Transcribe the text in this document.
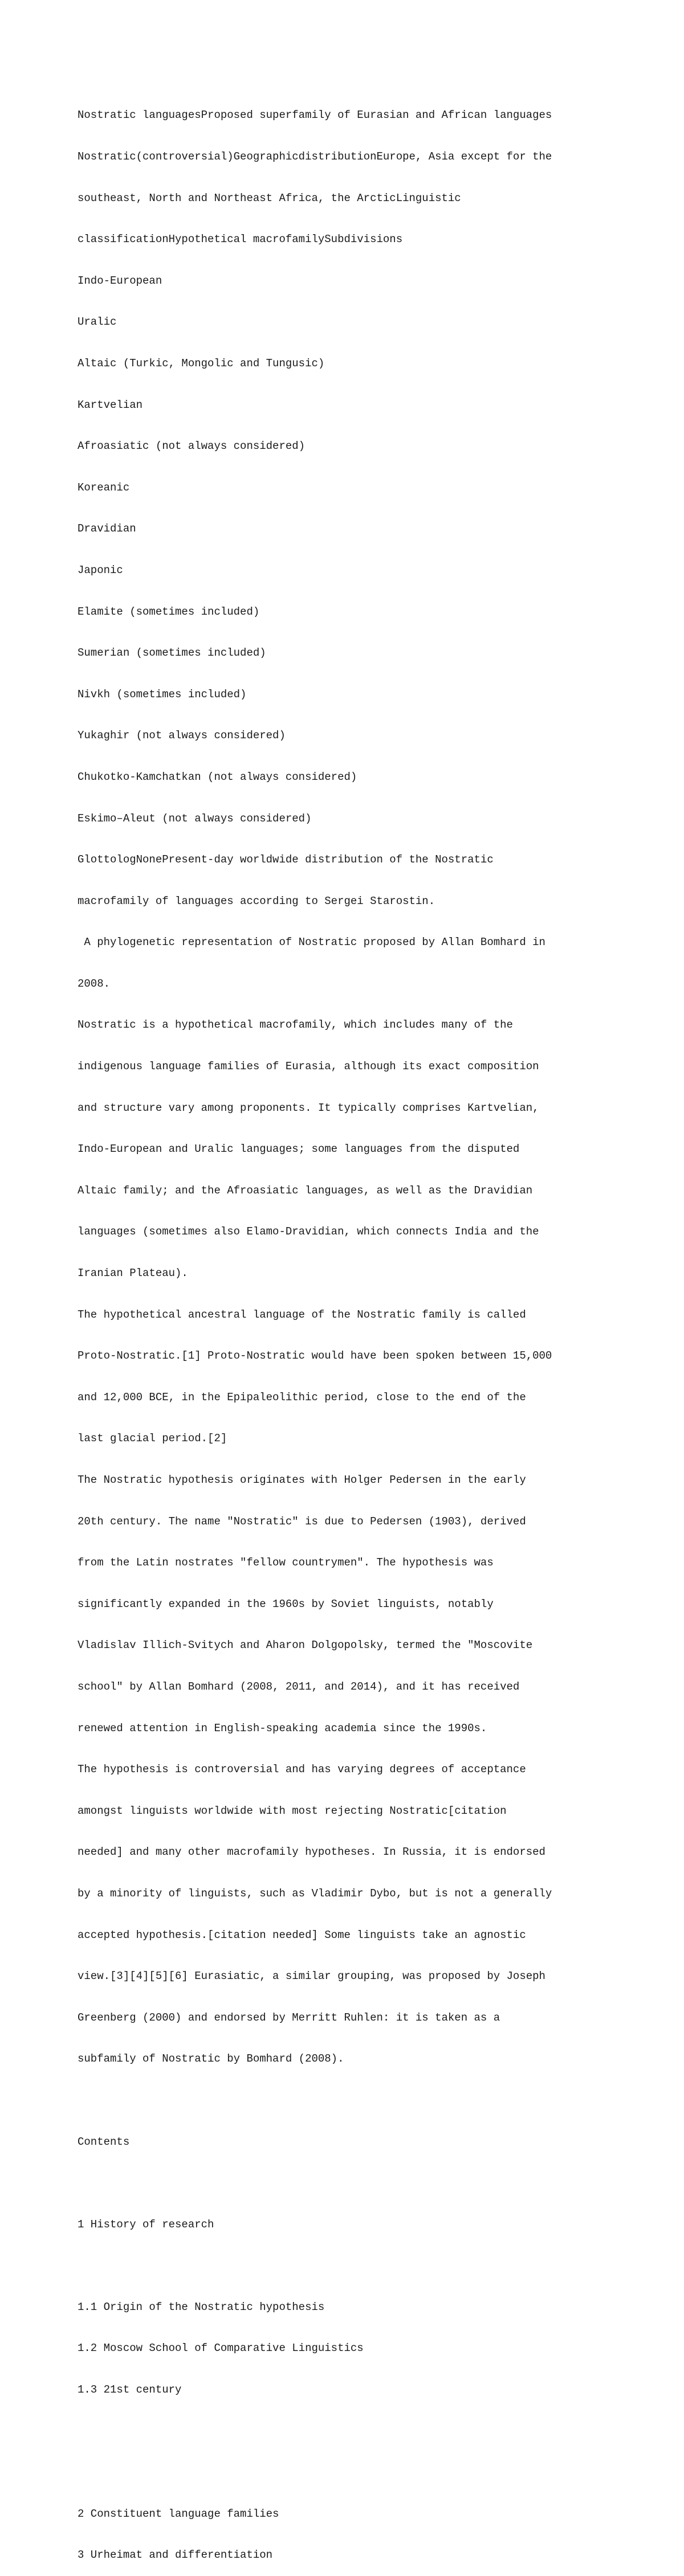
Nostratic languagesProposed superfamily of Eurasian and African languages

Nostratic(controversial)GeographicdistributionEurope, Asia except for the

southeast, North and Northeast Africa, the ArcticLinguistic

classificationHypothetical macrofamilySubdivisions

Indo-European

Uralic

Altaic (Turkic, Mongolic and Tungusic)

Kartvelian

Afroasiatic (not always considered)

Koreanic

Dravidian

Japonic

Elamite (sometimes included)

Sumerian (sometimes included)

Nivkh (sometimes included)

Yukaghir (not always considered)

Chukotko-Kamchatkan (not always considered)

Eskimo–Aleut (not always considered)

GlottologNonePresent-day worldwide distribution of the Nostratic

macrofamily of languages according to Sergei Starostin.

A phylogenetic representation of Nostratic proposed by Allan Bomhard in

2008.

Nostratic is a hypothetical macrofamily, which includes many of the

indigenous language families of Eurasia, although its exact composition

and structure vary among proponents. It typically comprises Kartvelian,

Indo-European and Uralic languages; some languages from the disputed

Altaic family; and the Afroasiatic languages, as well as the Dravidian

languages (sometimes also Elamo-Dravidian, which connects India and the

Iranian Plateau).

The hypothetical ancestral language of the Nostratic family is called

Proto-Nostratic.[1] Proto-Nostratic would have been spoken between 15,000

and 12,000 BCE, in the Epipaleolithic period, close to the end of the

last glacial period.[2]

The Nostratic hypothesis originates with Holger Pedersen in the early

20th century. The name "Nostratic" is due to Pedersen (1903), derived

from the Latin nostrates "fellow countrymen". The hypothesis was

significantly expanded in the 1960s by Soviet linguists, notably

Vladislav Illich-Svitych and Aharon Dolgopolsky, termed the "Moscovite

school" by Allan Bomhard (2008, 2011, and 2014), and it has received

renewed attention in English-speaking academia since the 1990s.

The hypothesis is controversial and has varying degrees of acceptance

amongst linguists worldwide with most rejecting Nostratic[citation

needed] and many other macrofamily hypotheses. In Russia, it is endorsed

by a minority of linguists, such as Vladimir Dybo, but is not a generally

accepted hypothesis.[citation needed] Some linguists take an agnostic

view.[3][4][5][6] Eurasiatic, a similar grouping, was proposed by Joseph

Greenberg (2000) and endorsed by Merritt Ruhlen: it is taken as a

subfamily of Nostratic by Bomhard (2008).

Contents

1 History of research

1.1 Origin of the Nostratic hypothesis

1.2 Moscow School of Comparative Linguistics

1.3 21st century

2 Constituent language families

3 Urheimat and differentiation
